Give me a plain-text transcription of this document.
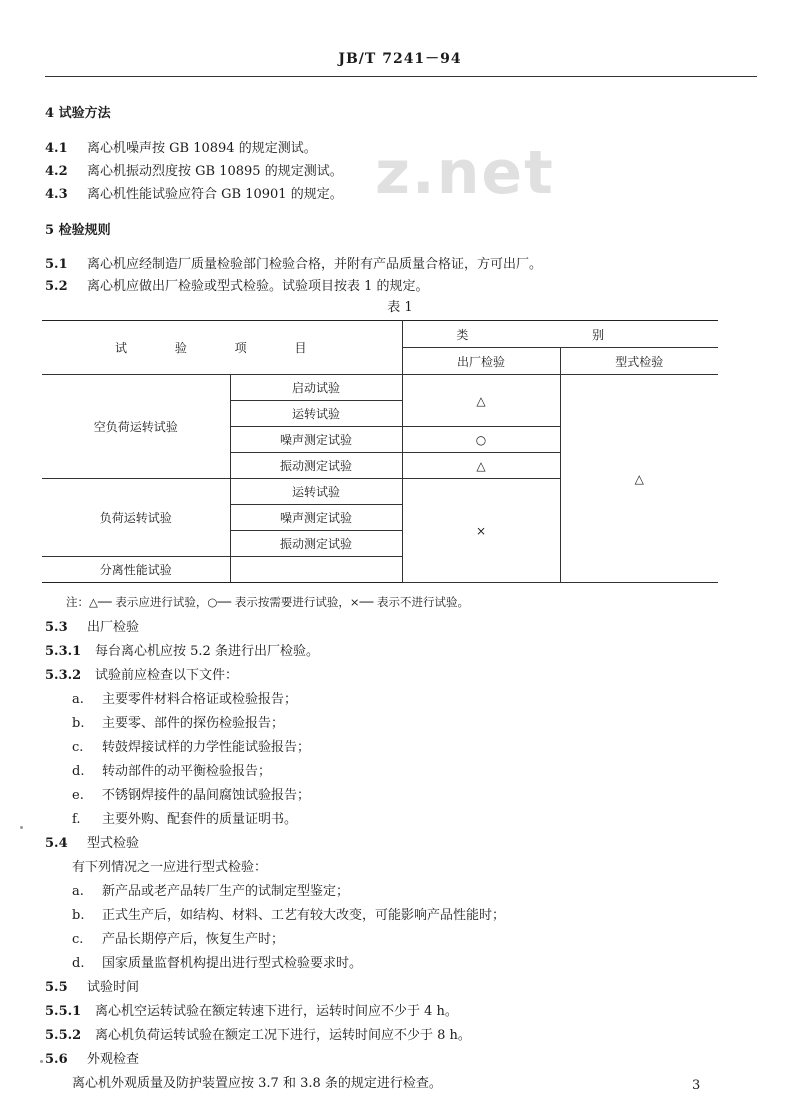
JB/T 7241－94
z.net
4 试验方法
4.1 离心机噪声按 GB 10894 的规定测试。
4.2 离心机振动烈度按 GB 10895 的规定测试。
4.3 离心机性能试验应符合 GB 10901 的规定。
5 检验规则
5.1 离心机应经制造厂质量检验部门检验合格，并附有产品质量合格证，方可出厂。
5.2 离心机应做出厂检验或型式检验。试验项目按表 1 的规定。
表 1
试 验 项 目		类 别	
		出厂检验	型式检验
空负荷运转试验	启动试验	△	△
	运转试验		
	噪声测定试验	○	
	振动测定试验	△	
负荷运转试验	运转试验	×	
	噪声测定试验		
	振动测定试验		
分离性能试验			
注：△── 表示应进行试验，○── 表示按需要进行试验，×── 表示不进行试验。
5.3 出厂检验
5.3.1 每台离心机应按 5.2 条进行出厂检验。
5.3.2 试验前应检查以下文件：
a. 主要零件材料合格证或检验报告；
b. 主要零、部件的探伤检验报告；
c. 转鼓焊接试样的力学性能试验报告；
d. 转动部件的动平衡检验报告；
e. 不锈钢焊接件的晶间腐蚀试验报告；
f. 主要外购、配套件的质量证明书。
5.4 型式检验
有下列情况之一应进行型式检验：
a. 新产品或老产品转厂生产的试制定型鉴定；
b. 正式生产后，如结构、材料、工艺有较大改变，可能影响产品性能时；
c. 产品长期停产后，恢复生产时；
d. 国家质量监督机构提出进行型式检验要求时。
5.5 试验时间
5.5.1 离心机空运转试验在额定转速下进行，运转时间应不少于 4 h。
5.5.2 离心机负荷运转试验在额定工况下进行，运转时间应不少于 8 h。
5.6 外观检查
离心机外观质量及防护装置应按 3.7 和 3.8 条的规定进行检查。	3
